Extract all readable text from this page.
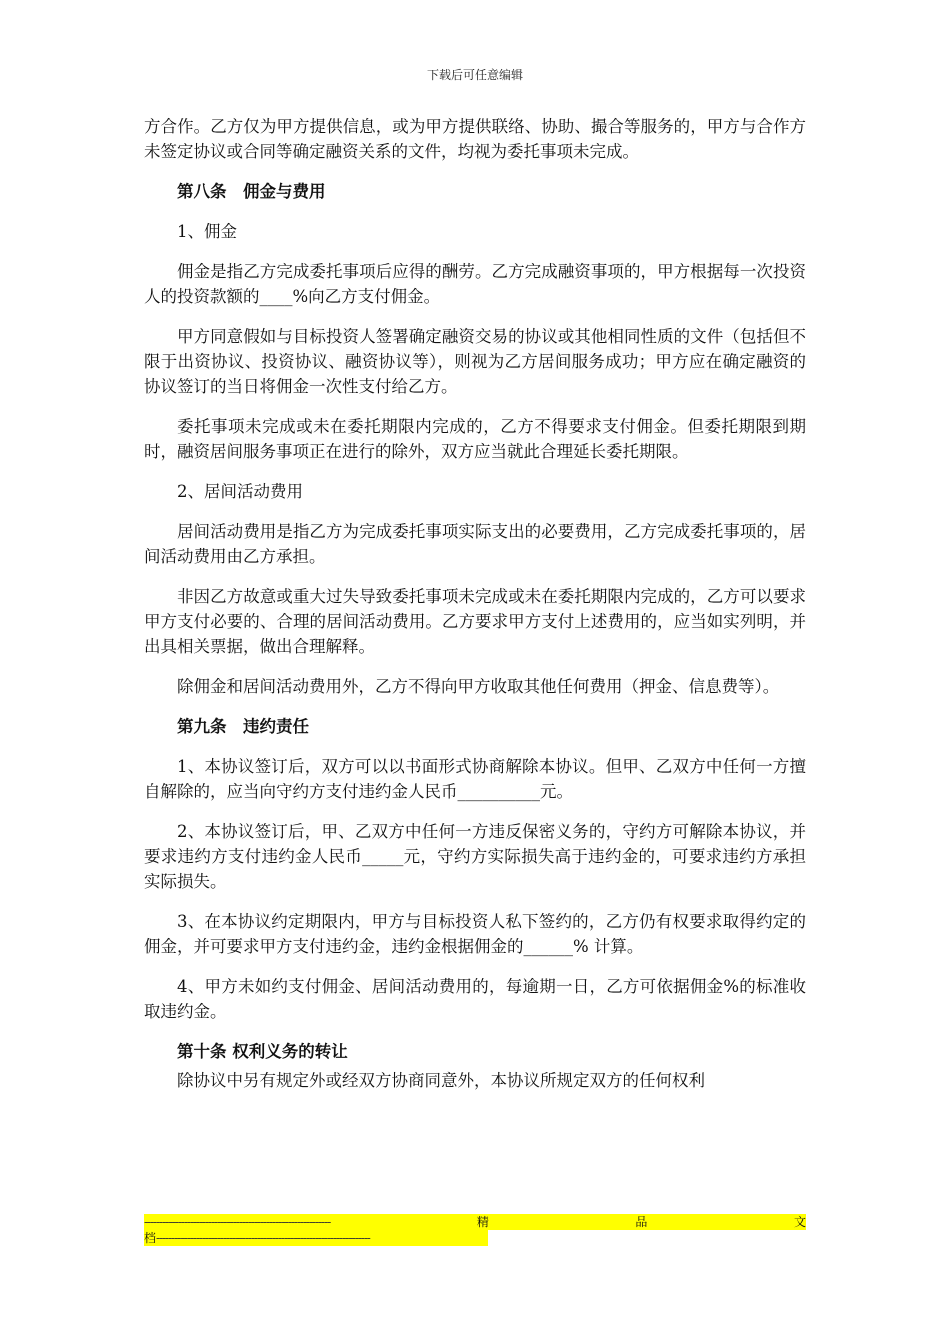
下载后可任意编辑

方合作。乙方仅为甲方提供信息，或为甲方提供联络、协助、撮合等服务的，甲方与合作方未签定协议或合同等确定融资关系的文件，均视为委托事项未完成。

第八条　佣金与费用

1、佣金

佣金是指乙方完成委托事项后应得的酬劳。乙方完成融资事项的，甲方根据每一次投资人的投资款额的____%向乙方支付佣金。

甲方同意假如与目标投资人签署确定融资交易的协议或其他相同性质的文件（包括但不限于出资协议、投资协议、融资协议等），则视为乙方居间服务成功；甲方应在确定融资的协议签订的当日将佣金一次性支付给乙方。

委托事项未完成或未在委托期限内完成的，乙方不得要求支付佣金。但委托期限到期时，融资居间服务事项正在进行的除外，双方应当就此合理延长委托期限。

2、居间活动费用

居间活动费用是指乙方为完成委托事项实际支出的必要费用，乙方完成委托事项的，居间活动费用由乙方承担。

非因乙方故意或重大过失导致委托事项未完成或未在委托期限内完成的，乙方可以要求甲方支付必要的、合理的居间活动费用。乙方要求甲方支付上述费用的，应当如实列明，并出具相关票据，做出合理解释。

除佣金和居间活动费用外，乙方不得向甲方收取其他任何费用（押金、信息费等）。

第九条　违约责任

1、本协议签订后，双方可以以书面形式协商解除本协议。但甲、乙双方中任何一方擅自解除的，应当向守约方支付违约金人民币__________元。

2、本协议签订后，甲、乙双方中任何一方违反保密义务的，守约方可解除本协议，并要求违约方支付违约金人民币_____元，守约方实际损失高于违约金的，可要求违约方承担实际损失。

3、在本协议约定期限内，甲方与目标投资人私下签约的，乙方仍有权要求取得约定的佣金，并可要求甲方支付违约金，违约金根据佣金的______% 计算。

4、甲方未如约支付佣金、居间活动费用的，每逾期一日，乙方可依据佣金%的标准收取违约金。

第十条 权利义务的转让

除协议中另有规定外或经双方协商同意外，本协议所规定双方的任何权利

-------------------------------------------------------------	精	品	文
档----------------------------------------------------------------------
